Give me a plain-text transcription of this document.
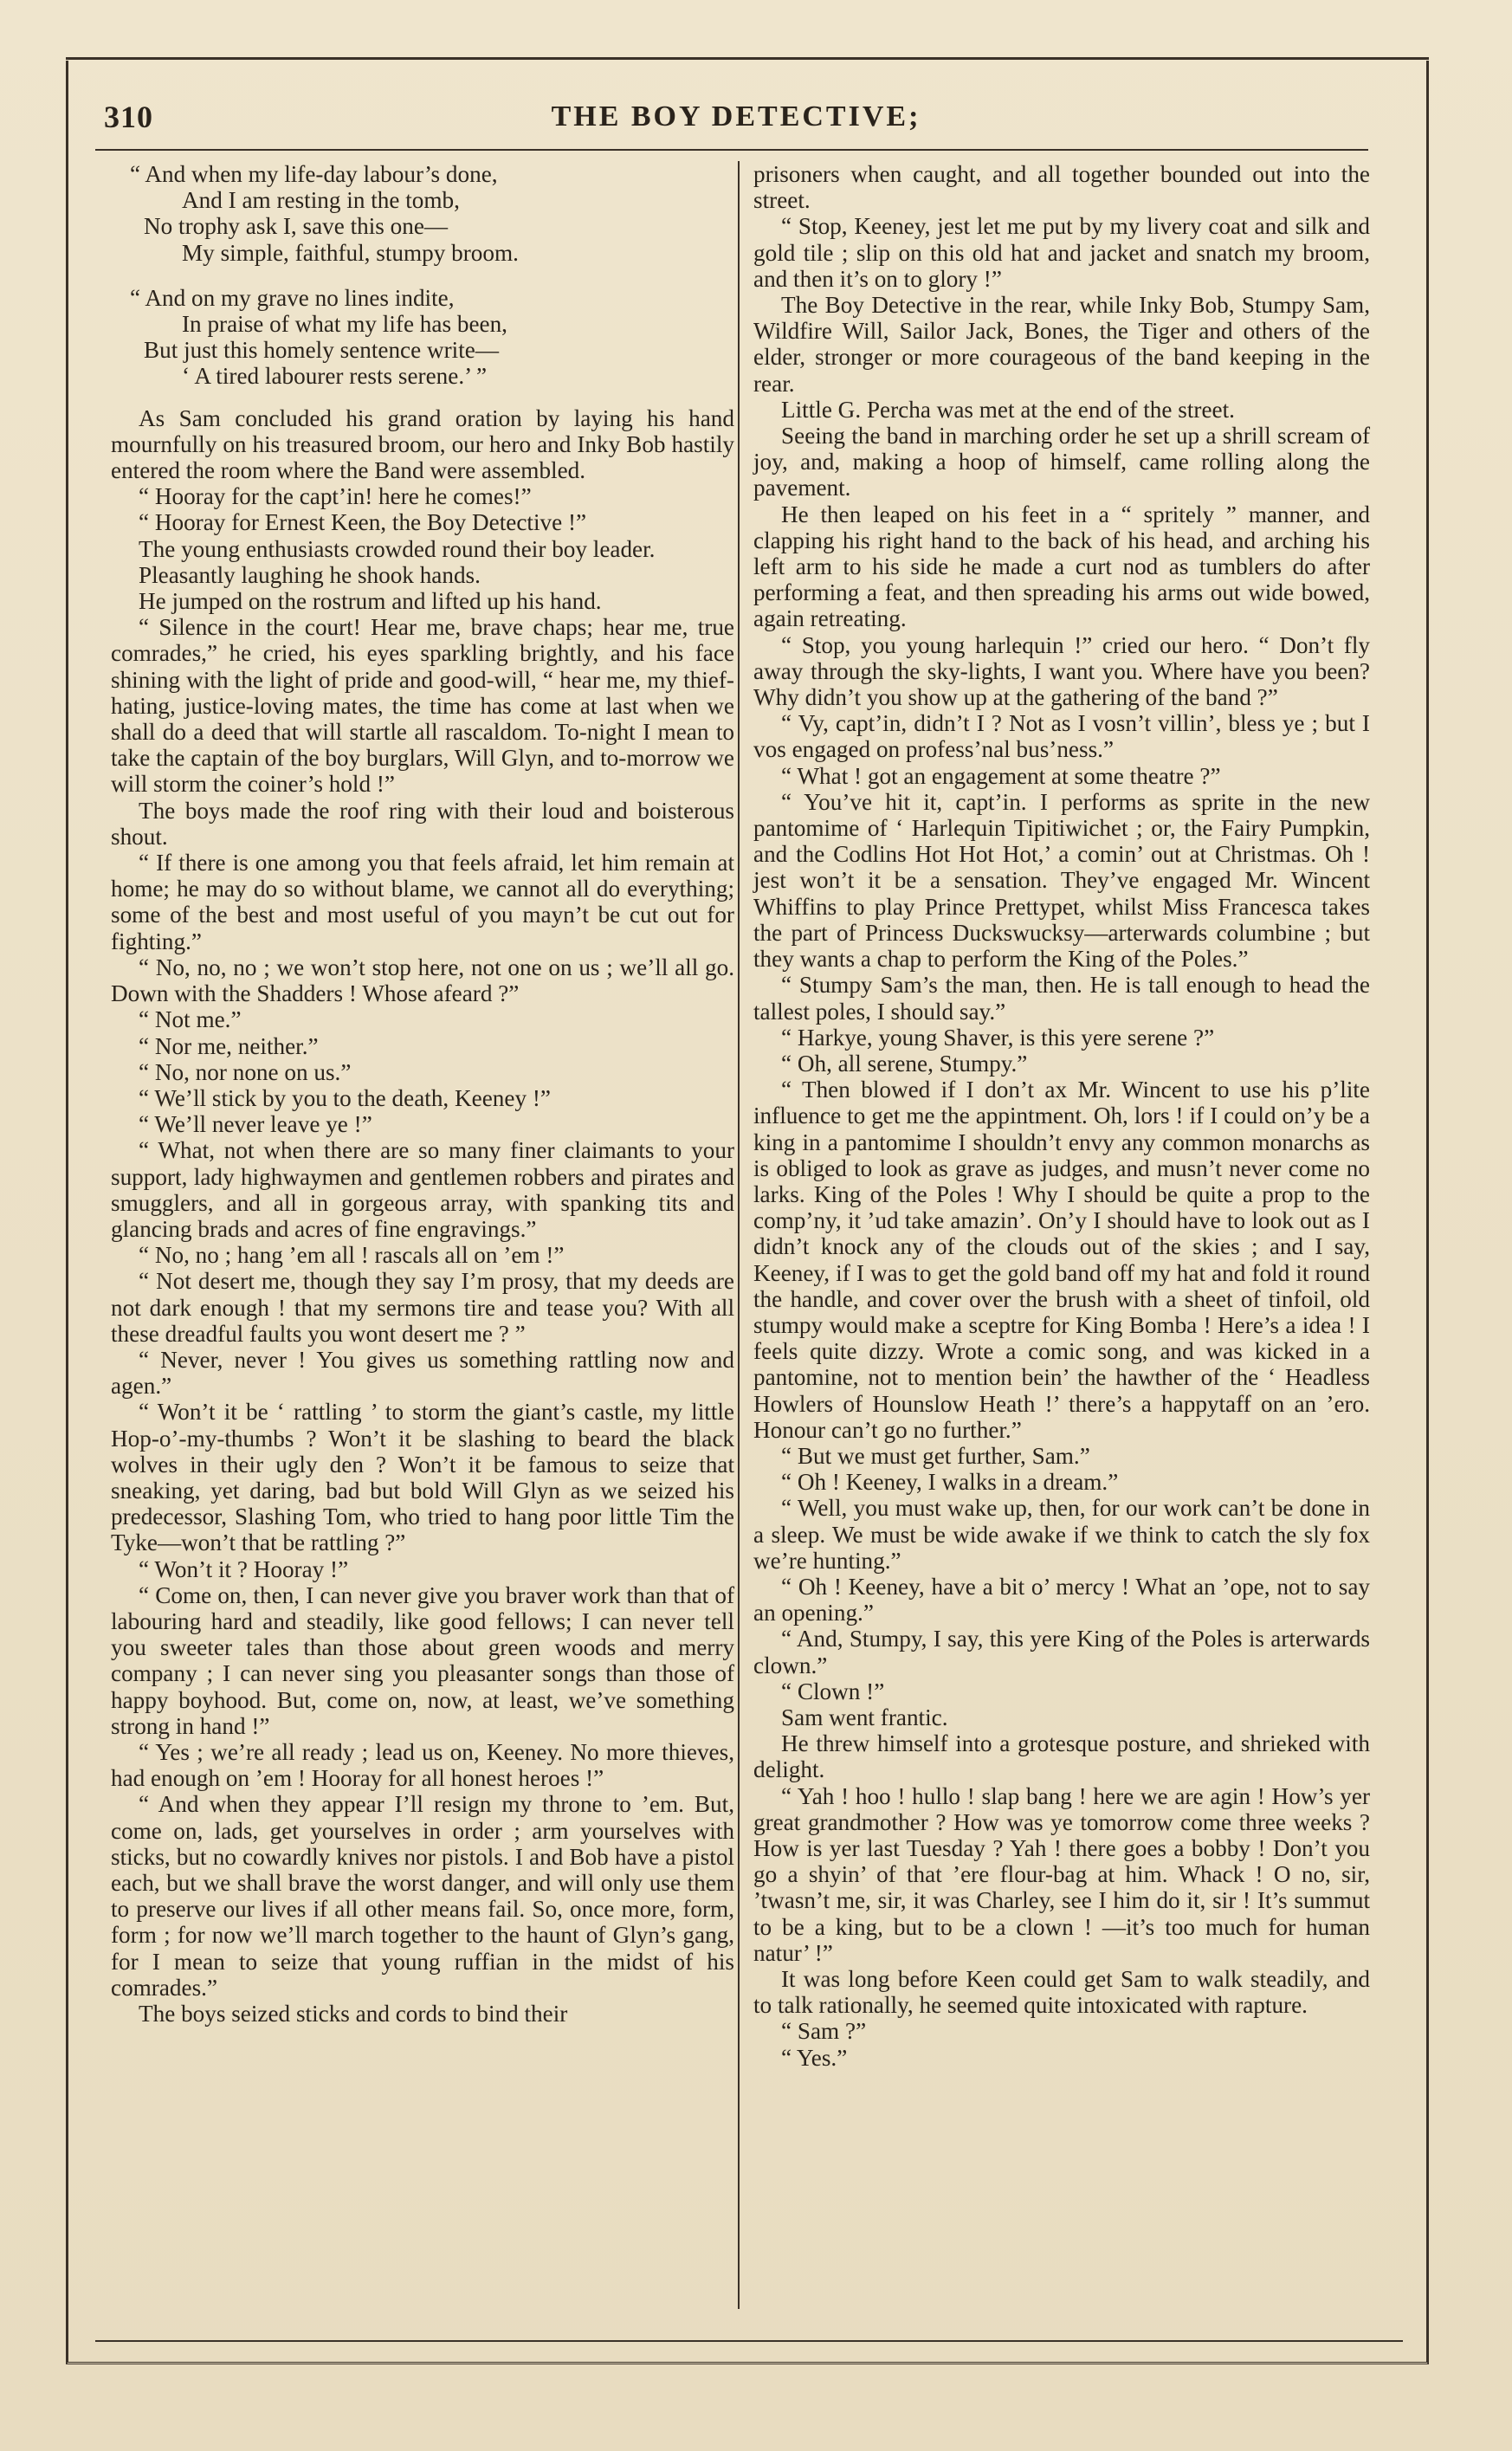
310	THE BOY DETECTIVE;
“ And when my life-day labour’s done,
And I am resting in the tomb,
No trophy ask I, save this one—
My simple, faithful, stumpy broom.
“ And on my grave no lines indite,
In praise of what my life has been,
But just this homely sentence write—
‘ A tired labourer rests serene.’ ”

As Sam concluded his grand oration by laying his hand mournfully on his treasured broom, our hero and Inky Bob hastily entered the room where the Band were assembled.

“ Hooray for the capt’in! here he comes!”

“ Hooray for Ernest Keen, the Boy Detective !”

The young enthusiasts crowded round their boy leader.

Pleasantly laughing he shook hands.

He jumped on the rostrum and lifted up his hand.

“ Silence in the court! Hear me, brave chaps; hear me, true comrades,” he cried, his eyes sparkling brightly, and his face shining with the light of pride and good-will, “ hear me, my thief-hating, justice-loving mates, the time has come at last when we shall do a deed that will startle all rascaldom. To-night I mean to take the captain of the boy burglars, Will Glyn, and to-morrow we will storm the coiner’s hold !”

The boys made the roof ring with their loud and boisterous shout.

“ If there is one among you that feels afraid, let him remain at home; he may do so without blame, we cannot all do everything; some of the best and most useful of you mayn’t be cut out for fighting.”

“ No, no, no ; we won’t stop here, not one on us ; we’ll all go. Down with the Shadders ! Whose afeard ?”

“ Not me.”

“ Nor me, neither.”

“ No, nor none on us.”

“ We’ll stick by you to the death, Keeney !”

“ We’ll never leave ye !”

“ What, not when there are so many finer claimants to your support, lady highwaymen and gentlemen robbers and pirates and smugglers, and all in gorgeous array, with spanking tits and glancing brads and acres of fine engravings.”

“ No, no ; hang ’em all ! rascals all on ’em !”

“ Not desert me, though they say I’m prosy, that my deeds are not dark enough ! that my sermons tire and tease you? With all these dreadful faults you wont desert me ? ”

“ Never, never ! You gives us something rattling now and agen.”

“ Won’t it be ‘ rattling ’ to storm the giant’s castle, my little Hop-o’-my-thumbs ? Won’t it be slashing to beard the black wolves in their ugly den ? Won’t it be famous to seize that sneaking, yet daring, bad but bold Will Glyn as we seized his predecessor, Slashing Tom, who tried to hang poor little Tim the Tyke—won’t that be rattling ?”

“ Won’t it ? Hooray !”

“ Come on, then, I can never give you braver work than that of labouring hard and steadily, like good fellows; I can never tell you sweeter tales than those about green woods and merry company ; I can never sing you pleasanter songs than those of happy boyhood. But, come on, now, at least, we’ve something strong in hand !”

“ Yes ; we’re all ready ; lead us on, Keeney. No more thieves, had enough on ’em ! Hooray for all honest heroes !”

“ And when they appear I’ll resign my throne to ’em. But, come on, lads, get yourselves in order ; arm yourselves with sticks, but no cowardly knives nor pistols. I and Bob have a pistol each, but we shall brave the worst danger, and will only use them to preserve our lives if all other means fail. So, once more, form, form ; for now we’ll march together to the haunt of Glyn’s gang, for I mean to seize that young ruffian in the midst of his comrades.”

The boys seized sticks and cords to bind their

prisoners when caught, and all together bounded out into the street.

“ Stop, Keeney, jest let me put by my livery coat and silk and gold tile ; slip on this old hat and jacket and snatch my broom, and then it’s on to glory !”

The Boy Detective in the rear, while Inky Bob, Stumpy Sam, Wildfire Will, Sailor Jack, Bones, the Tiger and others of the elder, stronger or more courageous of the band keeping in the rear.

Little G. Percha was met at the end of the street.

Seeing the band in marching order he set up a shrill scream of joy, and, making a hoop of himself, came rolling along the pavement.

He then leaped on his feet in a “ spritely ” manner, and clapping his right hand to the back of his head, and arching his left arm to his side he made a curt nod as tumblers do after performing a feat, and then spreading his arms out wide bowed, again retreating.

“ Stop, you young harlequin !” cried our hero. “ Don’t fly away through the sky-lights, I want you. Where have you been? Why didn’t you show up at the gathering of the band ?”

“ Vy, capt’in, didn’t I ? Not as I vosn’t villin’, bless ye ; but I vos engaged on profess’nal bus’ness.”

“ What ! got an engagement at some theatre ?”

“ You’ve hit it, capt’in. I performs as sprite in the new pantomime of ‘ Harlequin Tipitiwichet ; or, the Fairy Pumpkin, and the Codlins Hot Hot Hot,’ a comin’ out at Christmas. Oh ! jest won’t it be a sensation. They’ve engaged Mr. Wincent Whiffins to play Prince Prettypet, whilst Miss Francesca takes the part of Princess Duckswucksy—arterwards columbine ; but they wants a chap to perform the King of the Poles.”

“ Stumpy Sam’s the man, then. He is tall enough to head the tallest poles, I should say.”

“ Harkye, young Shaver, is this yere serene ?”

“ Oh, all serene, Stumpy.”

“ Then blowed if I don’t ax Mr. Wincent to use his p’lite influence to get me the appintment. Oh, lors ! if I could on’y be a king in a pantomime I shouldn’t envy any common monarchs as is obliged to look as grave as judges, and musn’t never come no larks. King of the Poles ! Why I should be quite a prop to the comp’ny, it ’ud take amazin’. On’y I should have to look out as I didn’t knock any of the clouds out of the skies ; and I say, Keeney, if I was to get the gold band off my hat and fold it round the handle, and cover over the brush with a sheet of tinfoil, old stumpy would make a sceptre for King Bomba ! Here’s a idea ! I feels quite dizzy. Wrote a comic song, and was kicked in a pantomine, not to mention bein’ the hawther of the ‘ Headless Howlers of Hounslow Heath !’ there’s a happytaff on an ’ero. Honour can’t go no further.”

“ But we must get further, Sam.”

“ Oh ! Keeney, I walks in a dream.”

“ Well, you must wake up, then, for our work can’t be done in a sleep. We must be wide awake if we think to catch the sly fox we’re hunting.”

“ Oh ! Keeney, have a bit o’ mercy ! What an ’ope, not to say an opening.”

“ And, Stumpy, I say, this yere King of the Poles is arterwards clown.”

“ Clown !”

Sam went frantic.

He threw himself into a grotesque posture, and shrieked with delight.

“ Yah ! hoo ! hullo ! slap bang ! here we are agin ! How’s yer great grandmother ? How was ye tomorrow come three weeks ? How is yer last Tuesday ? Yah ! there goes a bobby ! Don’t you go a shyin’ of that ’ere flour-bag at him. Whack ! O no, sir, ’twasn’t me, sir, it was Charley, see I him do it, sir ! It’s summut to be a king, but to be a clown ! —it’s too much for human natur’ !”

It was long before Keen could get Sam to walk steadily, and to talk rationally, he seemed quite intoxicated with rapture.

“ Sam ?”

“ Yes.”
